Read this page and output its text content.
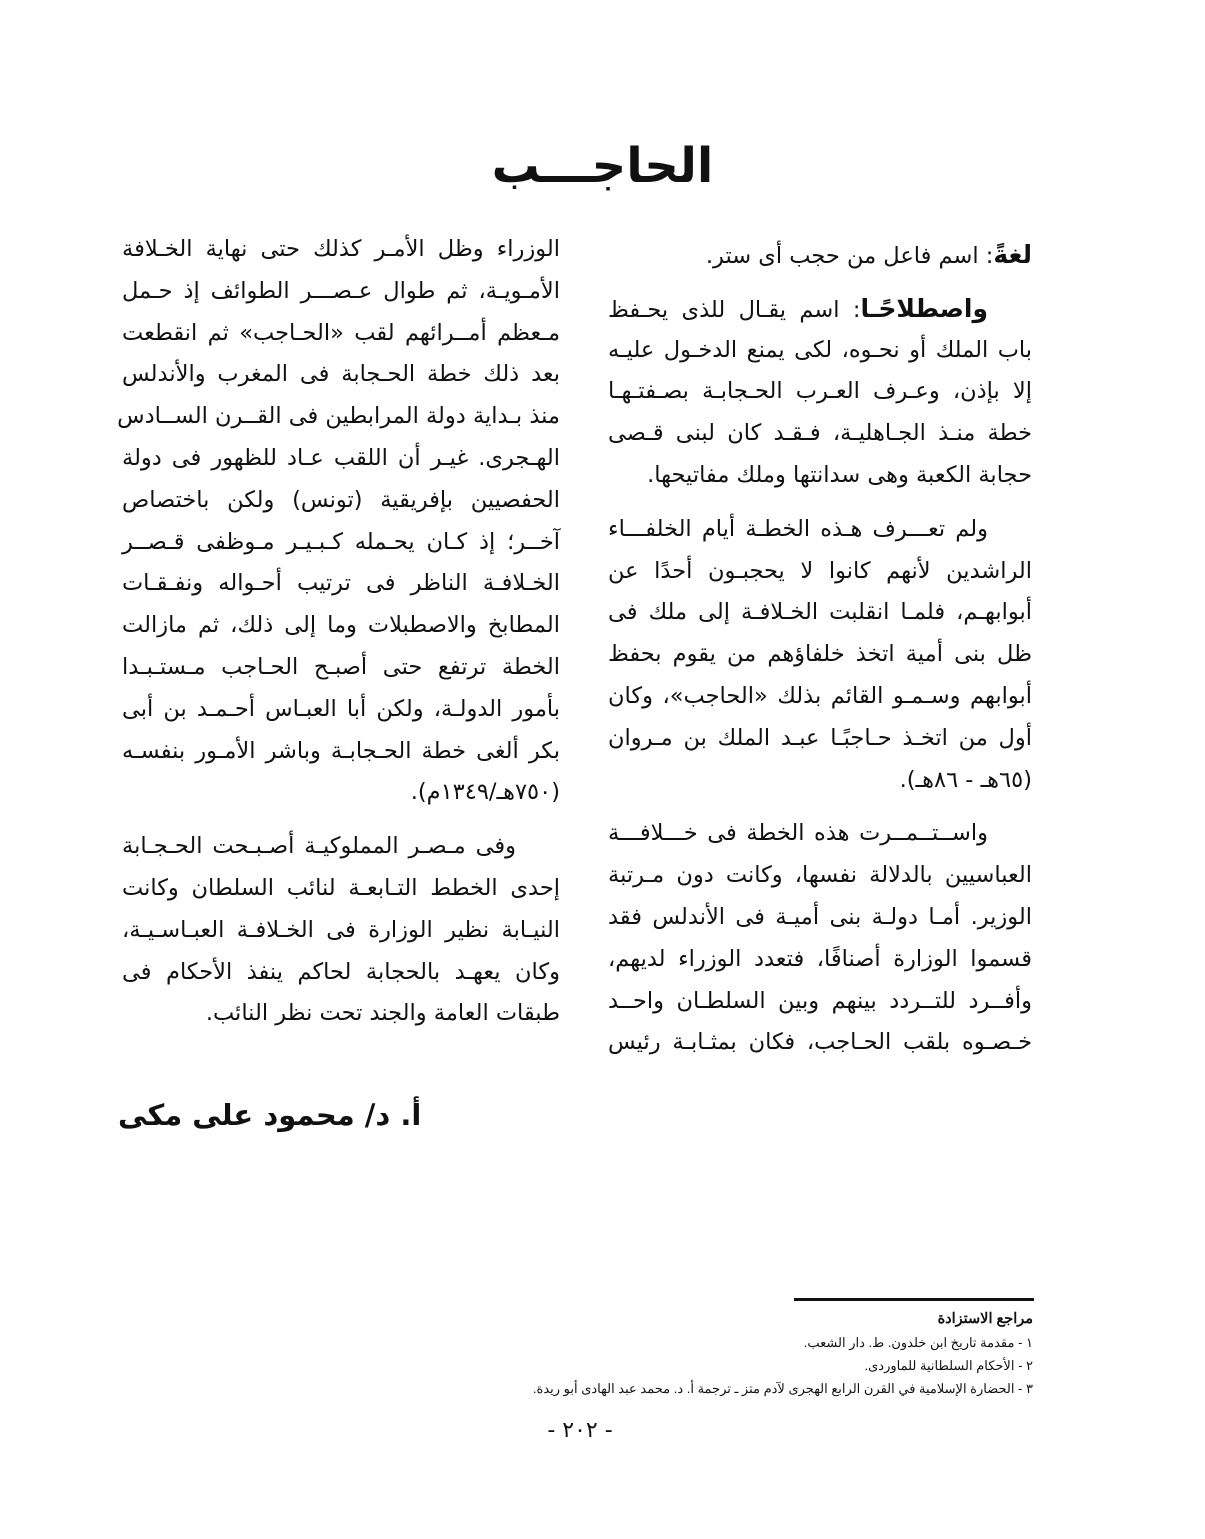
الحاجـــب
لغةً: اسم فاعل من حجب أى ستر.
واصطلاحًـا: اسم يقـال للذى يحـفظ
باب الملك أو نحـوه، لكى يمنع الدخـول عليـه
إلا بإذن، وعـرف العـرب الحـجابـة بصـفتـهـا
خطة منـذ الجـاهليـة، فـقـد كان لبنى قـصى
حجابة الكعبة وهى سدانتها وملك مفاتيحها.
ولم تعـــرف هـذه الخطـة أيام الخلفـــاء
الراشدين لأنهم كانوا لا يحجبـون أحدًا عن
أبوابهـم، فلمـا انقلبت الخـلافـة إلى ملك فى
ظل بنى أمية اتخذ خلفاؤهم من يقوم بحفظ
أبوابهم وسـمـو القائم بذلك «الحاجب»، وكان
أول من اتخـذ حـاجبًـا عبـد الملك بن مـروان
(٦٥هـ - ٨٦هـ).
واســتــمــرت هذه الخطة فى خـــلافـــة
العباسيين بالدلالة نفسها، وكانت دون مـرتبة
الوزير. أمـا دولـة بنى أميـة فى الأندلس فقد
قسموا الوزارة أصنافًا، فتعدد الوزراء لديهم،
وأفــرد للتــردد بينهم وبين السلطـان واحــد
خـصـوه بلقب الحـاجب، فكان بمثـابـة رئيس
الوزراء وظل الأمـر كذلك حتى نهاية الخـلافة
الأمـويـة، ثم طوال عـصـــر الطوائف إذ حـمل
مـعظم أمــرائهم لقب «الحـاجب» ثم انقطعت
بعد ذلك خطة الحـجابة فى المغرب والأندلس
منذ بـداية دولة المرابطين فى القــرن الســادس
الهـجرى. غيـر أن اللقب عـاد للظهور فى دولة
الحفصيين بإفريقية (تونس) ولكن باختصاص
آخــر؛ إذ كـان يحـمله كـبـيـر مـوظفى قـصــر
الخـلافـة الناظر فى ترتيب أحـواله ونفـقـات
المطابخ والاصطبلات وما إلى ذلك، ثم مازالت
الخطة ترتفع حتى أصبـح الحـاجب مـستـبـدا
بأمور الدولـة، ولكن أبا العبـاس أحـمـد بن أبى
بكر ألغى خطة الحـجابـة وباشر الأمـور بنفسـه
(٧٥٠هـ/١٣٤٩م).
وفى مـصـر المملوكيـة أصـبـحت الحـجـابة
إحدى الخطط التـابعـة لنائب السلطان وكانت
النيـابة نظير الوزارة فى الخـلافـة العبـاسـيـة،
وكان يعهـد بالحجابة لحاكم ينفذ الأحكام فى
طبقات العامة والجند تحت نظر النائب.
أ. د/ محمود على مكى
مراجع الاستزادة
١ - مقدمة تاريخ ابن خلدون. ط. دار الشعب.
٢ - الأحكام السلطانية للماوردى.
٣ - الحضارة الإسلامية في القرن الرابع الهجرى لآدم متز ـ ترجمة أ. د. محمد عبد الهادى أبو ريدة.
- ٢٠٢ -
